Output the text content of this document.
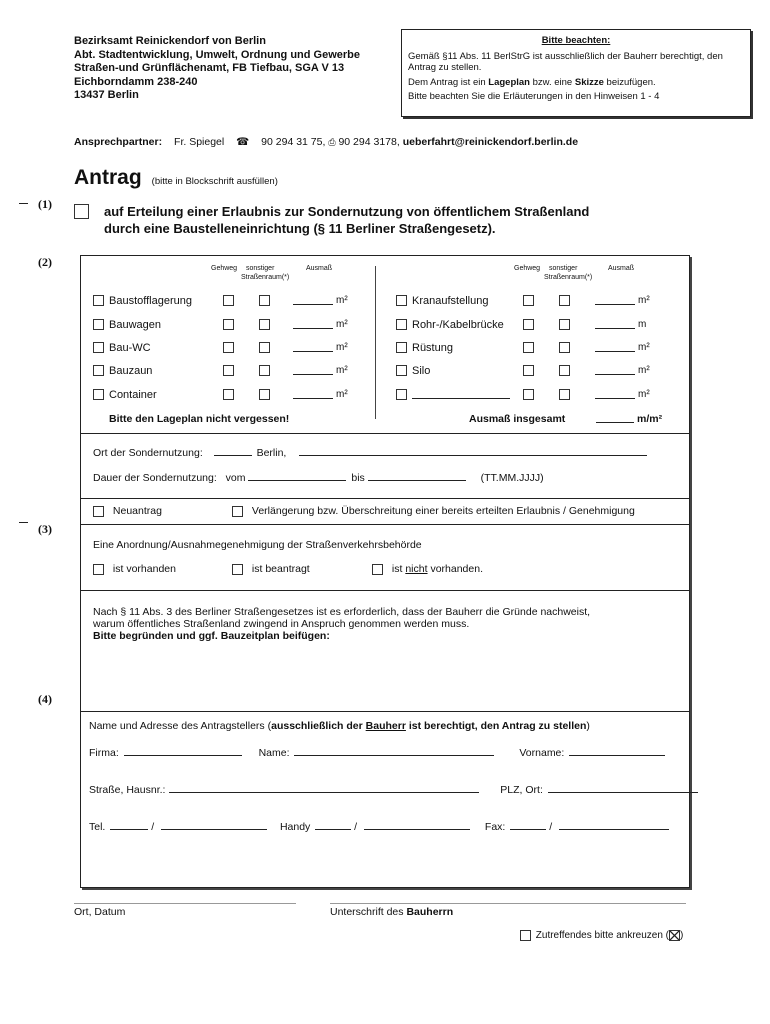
Bezirksamt Reinickendorf von Berlin
Abt. Stadtentwicklung, Umwelt, Ordnung und Gewerbe
Straßen-und Grünflächenamt, FB Tiefbau, SGA V 13
Eichborndamm 238-240
13437 Berlin
Bitte beachten:

Gemäß §11 Abs. 11 BerlStrG ist ausschließlich der Bauherr berechtigt, den Antrag zu stellen.

Dem Antrag ist ein Lageplan bzw. eine Skizze beizufügen.

Bitte beachten Sie die Erläuterungen in den Hinweisen 1 - 4

Ansprechpartner: Fr. Spiegel ☎ 90 294 31 75, ⎙ 90 294 3178, ueberfahrt@reinickendorf.berlin.de
Antrag (bitte in Blockschrift ausfüllen)
(1)
(2)
(3)
(4)
auf Erteilung einer Erlaubnis zur Sondernutzung von öffentlichem Straßenland
durch eine Baustelleneinrichtung (§ 11 Berliner Straßengesetz).
Gehweg sonstiger
Straßenraum(*)
Ausmaß	Gehweg sonstiger
Straßenraum(*)
Ausmaß
Baustofflagerung	m²
Bauwagen	m²
Bau-WC	m²
Bauzaun	m²
Container	m²
Bitte den Lageplan nicht vergessen!
Kranaufstellung	m²
Rohr-/Kabelbrücke	m
Rüstung	m²
Silo	m²
m²
Ausmaß insgesamt	m/m²
Ort der Sondernutzung:	Berlin,
Dauer der Sondernutzung: vom	bis	(TT.MM.JJJJ)
Neuantrag	Verlängerung bzw. Überschreitung einer bereits erteilten Erlaubnis / Genehmigung
Eine Anordnung/Ausnahmegenehmigung der Straßenverkehrsbehörde
ist vorhanden	ist beantragt	ist nicht vorhanden.
Nach § 11 Abs. 3 des Berliner Straßengesetzes ist es erforderlich, dass der Bauherr die Gründe nachweist,
warum öffentliches Straßenland zwingend in Anspruch genommen werden muss.
Bitte begründen und ggf. Bauzeitplan beifügen:
Name und Adresse des Antragstellers (ausschließlich der Bauherr ist berechtigt, den Antrag zu stellen)
Firma:	Name:	Vorname:
Straße, Hausnr.:	PLZ, Ort:
Tel.	/	Handy	/	Fax:	/
Ort, Datum	Unterschrift des Bauherrn
Zutreffendes bitte ankreuzen ( )
